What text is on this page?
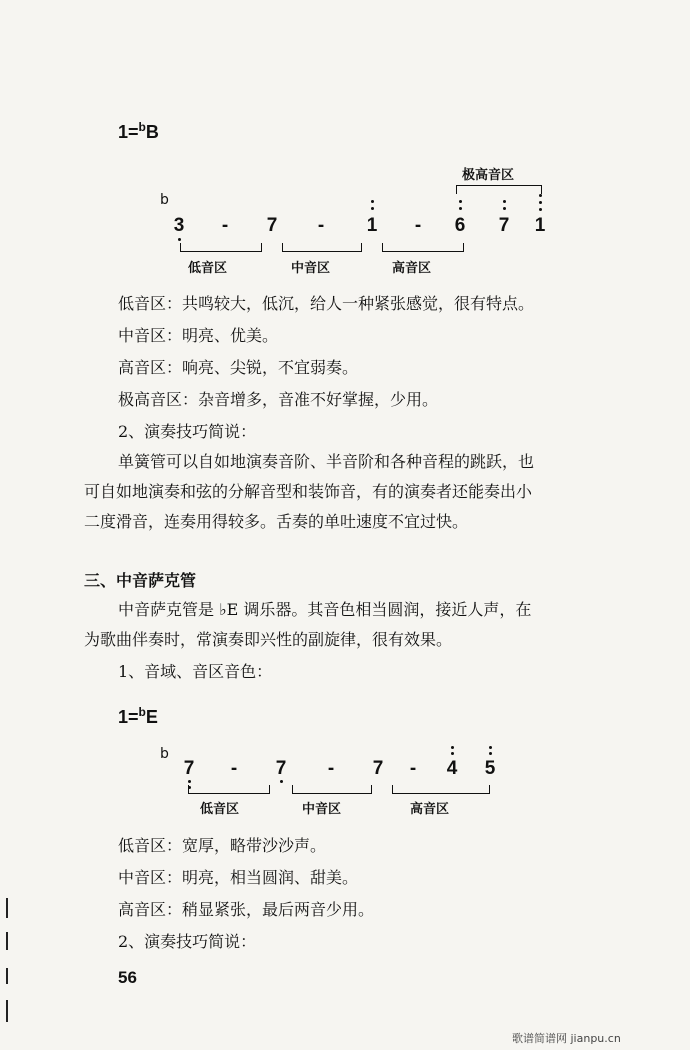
1=$^b$B
极高音区
b
3 - 7 - 1 - 6 7 1
低音区	中音区	高音区
低音区：共鸣较大，低沉，给人一种紧张感觉，很有特点。
中音区：明亮、优美。
高音区：响亮、尖锐，不宜弱奏。
极高音区：杂音增多，音准不好掌握，少用。
2、演奏技巧简说：
单簧管可以自如地演奏音阶、半音阶和各种音程的跳跃，也
可自如地演奏和弦的分解音型和装饰音，有的演奏者还能奏出小
二度滑音，连奏用得较多。舌奏的单吐速度不宜过快。
三、中音萨克管
中音萨克管是 ♭E 调乐器。其音色相当圆润，接近人声，在
为歌曲伴奏时，常演奏即兴性的副旋律，很有效果。
1、音域、音区音色：
1=$^b$E
b
7 - 7 - 7 - 4 5
低音区	中音区	高音区
低音区：宽厚，略带沙沙声。
中音区：明亮，相当圆润、甜美。
高音区：稍显紧张，最后两音少用。
2、演奏技巧简说：
56
歌谱简谱网 jianpu.cn
